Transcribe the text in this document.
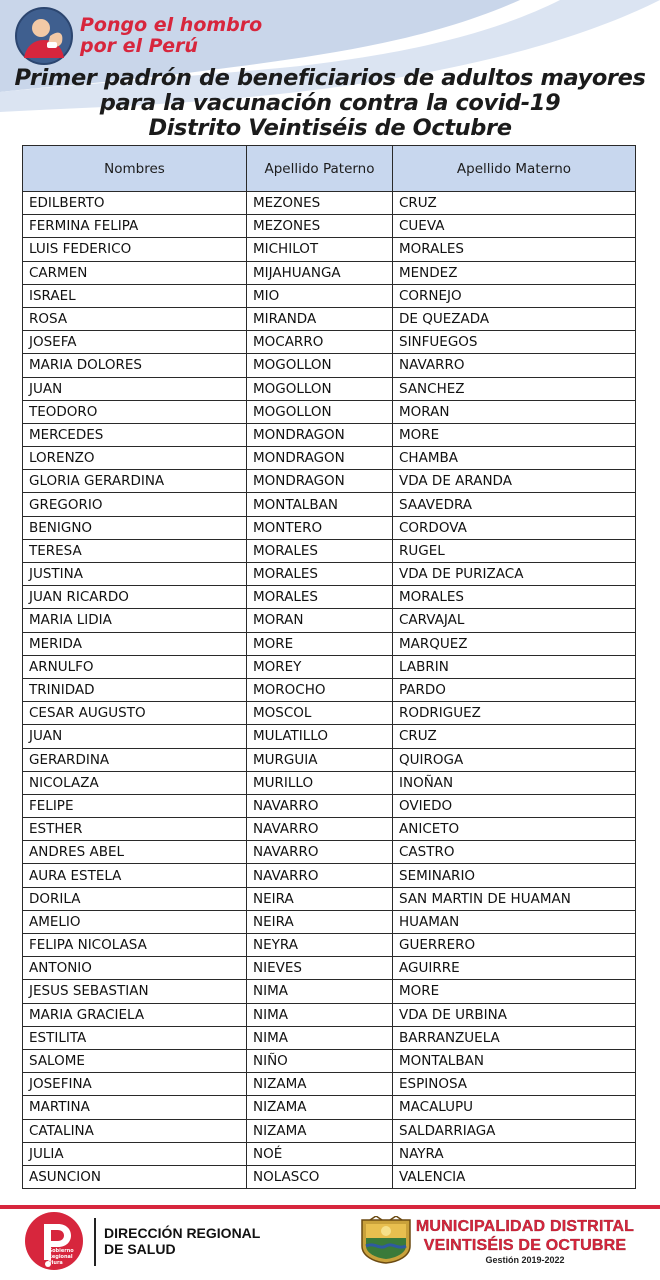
Pongo el hombro
por el Perú
Primer padrón de beneficiarios de adultos mayores
para la vacunación contra la covid-19
Distrito Veintiséis de Octubre
Nombres	Apellido Paterno	Apellido Materno
EDILBERTO	MEZONES	CRUZ
FERMINA FELIPA	MEZONES	CUEVA
LUIS FEDERICO	MICHILOT	MORALES
CARMEN	MIJAHUANGA	MENDEZ
ISRAEL	MIO	CORNEJO
ROSA	MIRANDA	DE QUEZADA
JOSEFA	MOCARRO	SINFUEGOS
MARIA DOLORES	MOGOLLON	NAVARRO
JUAN	MOGOLLON	SANCHEZ
TEODORO	MOGOLLON	MORAN
MERCEDES	MONDRAGON	MORE
LORENZO	MONDRAGON	CHAMBA
GLORIA GERARDINA	MONDRAGON	VDA DE ARANDA
GREGORIO	MONTALBAN	SAAVEDRA
BENIGNO	MONTERO	CORDOVA
TERESA	MORALES	RUGEL
JUSTINA	MORALES	VDA DE PURIZACA
JUAN RICARDO	MORALES	MORALES
MARIA LIDIA	MORAN	CARVAJAL
MERIDA	MORE	MARQUEZ
ARNULFO	MOREY	LABRIN
TRINIDAD	MOROCHO	PARDO
CESAR AUGUSTO	MOSCOL	RODRIGUEZ
JUAN	MULATILLO	CRUZ
GERARDINA	MURGUIA	QUIROGA
NICOLAZA	MURILLO	INOÑAN
FELIPE	NAVARRO	OVIEDO
ESTHER	NAVARRO	ANICETO
ANDRES ABEL	NAVARRO	CASTRO
AURA ESTELA	NAVARRO	SEMINARIO
DORILA	NEIRA	SAN MARTIN DE HUAMAN
AMELIO	NEIRA	HUAMAN
FELIPA NICOLASA	NEYRA	GUERRERO
ANTONIO	NIEVES	AGUIRRE
JESUS SEBASTIAN	NIMA	MORE
MARIA GRACIELA	NIMA	VDA DE URBINA
ESTILITA	NIMA	BARRANZUELA
SALOME	NIÑO	MONTALBAN
JOSEFINA	NIZAMA	ESPINOSA
MARTINA	NIZAMA	MACALUPU
CATALINA	NIZAMA	SALDARRIAGA
JULIA	NOÉ	NAYRA
ASUNCION	NOLASCO	VALENCIA
Gobierno Regional Piura
DIRECCIÓN REGIONAL
DE SALUD
MUNICIPALIDAD DISTRITAL
VEINTISÉIS DE OCTUBRE
Gestión 2019-2022
